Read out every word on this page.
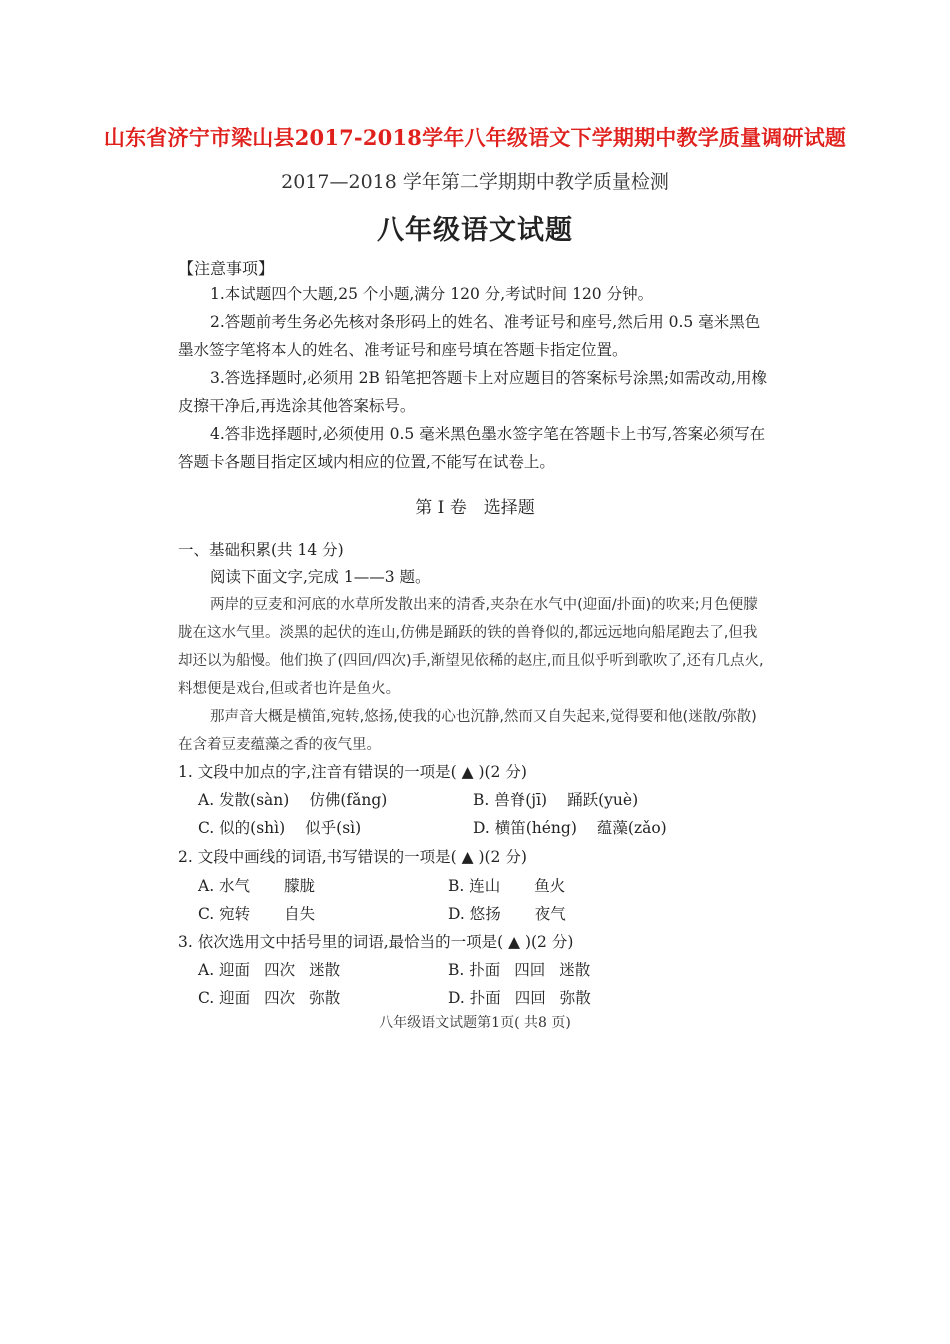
山东省济宁市梁山县2017-2018学年八年级语文下学期期中教学质量调研试题
2017—2018 学年第二学期期中教学质量检测
八年级语文试题
【注意事项】
1.本试题四个大题,25 个小题,满分 120 分,考试时间 120 分钟。
2.答题前考生务必先核对条形码上的姓名、准考证号和座号,然后用 0.5 毫米黑色墨水签字笔将本人的姓名、准考证号和座号填在答题卡指定位置。
3.答选择题时,必须用 2B 铅笔把答题卡上对应题目的答案标号涂黑;如需改动,用橡皮擦干净后,再选涂其他答案标号。
4.答非选择题时,必须使用 0.5 毫米黑色墨水签字笔在答题卡上书写,答案必须写在答题卡各题目指定区域内相应的位置,不能写在试卷上。
第 Ⅰ 卷　选择题
一、基础积累(共 14 分)
阅读下面文字,完成 1——3 题。
两岸的豆麦和河底的水草所发散出来的清香,夹杂在水气中(迎面/扑面)的吹来;月色便朦胧在这水气里。淡黑的起伏的连山,仿佛是踊跃的铁的兽脊似的,都远远地向船尾跑去了,但我却还以为船慢。他们换了(四回/四次)手,渐望见依稀的赵庄,而且似乎听到歌吹了,还有几点火,料想便是戏台,但或者也许是鱼火。
那声音大概是横笛,宛转,悠扬,使我的心也沉静,然而又自失起来,觉得要和他(迷散/弥散)在含着豆麦蕴藻之香的夜气里。
1. 文段中加点的字,注音有错误的一项是( ▲ )(2 分)
A. 发散(sàn) 仿佛(fǎng)	B. 兽脊(jī) 踊跃(yuè)
C. 似的(shì) 似乎(sì)	D. 横笛(héng) 蕴藻(zǎo)
2. 文段中画线的词语,书写错误的一项是( ▲ )(2 分)
A. 水气 朦胧	B. 连山 鱼火
C. 宛转 自失	D. 悠扬 夜气
3. 依次选用文中括号里的词语,最恰当的一项是( ▲ )(2 分)
A. 迎面 四次 迷散	B. 扑面 四回 迷散
C. 迎面 四次 弥散	D. 扑面 四回 弥散
八年级语文试题第1页( 共8 页)
